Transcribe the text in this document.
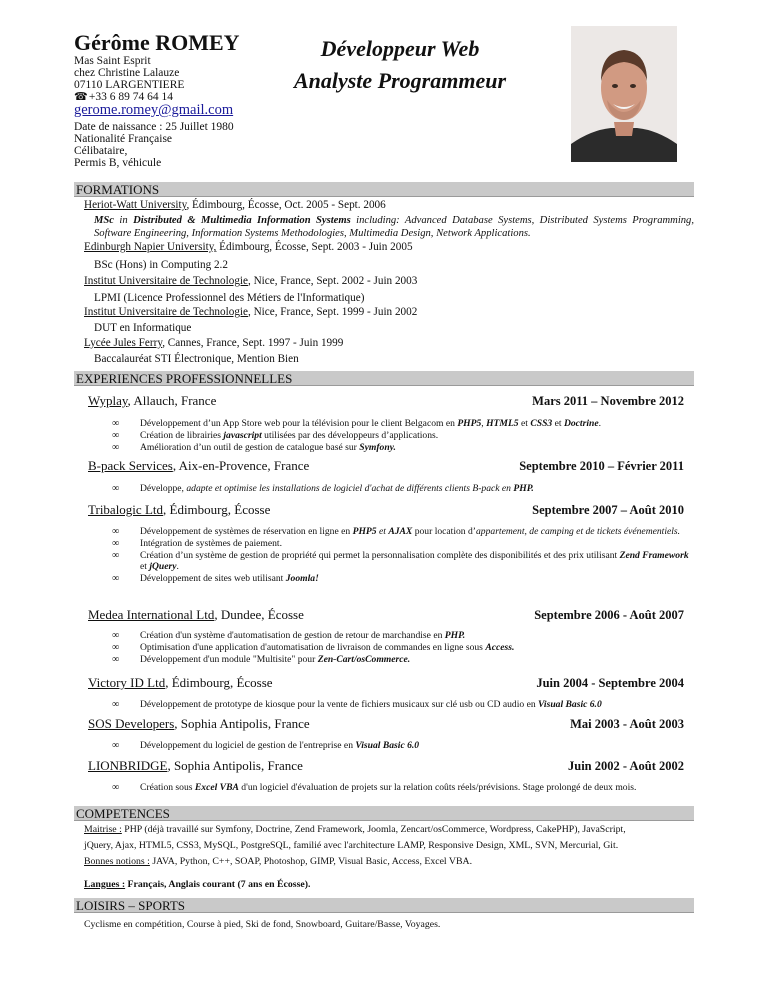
Gérôme ROMEY
Mas Saint Esprit
chez Christine Lalauze
07110 LARGENTIERE
☎ +33 6 89 74 64 14
gerome.romey@gmail.com
Date de naissance : 25 Juillet 1980
Nationalité Française
Célibataire,
Permis B, véhicule
Développeur Web
Analyste Programmeur
FORMATIONS
Heriot-Watt University, Édimbourg, Écosse, Oct. 2005 - Sept. 2006
MSc in Distributed & Multimedia Information Systems including: Advanced Database Systems, Distributed Systems Programming, Software Engineering, Information Systems Methodologies, Multimedia Design, Network Applications.
Edinburgh Napier University, Édimbourg, Écosse, Sept. 2003 - Juin 2005
BSc (Hons) in Computing 2.2
Institut Universitaire de Technologie, Nice, France, Sept. 2002 - Juin 2003
LPMI (Licence Professionnel des Métiers de l'Informatique)
Institut Universitaire de Technologie, Nice, France, Sept. 1999 - Juin 2002
DUT en Informatique
Lycée Jules Ferry, Cannes, France, Sept. 1997 - Juin 1999
Baccalauréat STI Électronique, Mention Bien
EXPERIENCES PROFESSIONNELLES
Mars 2011 – Novembre 2012
Wyplay, Allauch, France
∞ Développement d’un App Store web pour la télévision pour le client Belgacom en PHP5, HTML5 et CSS3 et Doctrine.
∞ Création de librairies javascript utilisées par des développeurs d’applications.
∞ Amélioration d’un outil de gestion de catalogue basé sur Symfony.
Septembre 2010 – Février 2011
B-pack Services, Aix-en-Provence, France
∞ Développe, adapte et optimise les installations de logiciel d'achat de différents clients B-pack en PHP.
Septembre 2007 – Août 2010
Tribalogic Ltd, Édimbourg, Écosse
∞ Développement de systèmes de réservation en ligne en PHP5 et AJAX pour location d’appartement, de camping et de tickets événementiels.
∞ Intégration de systèmes de paiement.
∞ Création d’un système de gestion de propriété qui permet la personnalisation complète des disponibilités et des prix utilisant Zend Framework et jQuery.
∞ Développement de sites web utilisant Joomla!
Septembre 2006 - Août 2007
Medea International Ltd, Dundee, Écosse
∞ Création d'un système d'automatisation de gestion de retour de marchandise en PHP.
∞ Optimisation d'une application d'automatisation de livraison de commandes en ligne sous Access.
∞ Développement d'un module "Multisite" pour Zen-Cart/osCommerce.
Juin 2004 - Septembre 2004
Victory ID Ltd, Édimbourg, Écosse
∞ Développement de prototype de kiosque pour la vente de fichiers musicaux sur clé usb ou CD audio en Visual Basic 6.0
Mai 2003 - Août 2003
SOS Developers, Sophia Antipolis, France
∞ Développement du logiciel de gestion de l'entreprise en Visual Basic 6.0
Juin 2002 - Août 2002
LIONBRIDGE, Sophia Antipolis, France
∞ Création sous Excel VBA d'un logiciel d'évaluation de projets sur la relation coûts réels/prévisions. Stage prolongé de deux mois.
COMPETENCES
Maitrise : PHP (déjà travaillé sur Symfony, Doctrine, Zend Framework, Joomla, Zencart/osCommerce, Wordpress, CakePHP), JavaScript,
jQuery, Ajax, HTML5, CSS3, MySQL, PostgreSQL, familié avec l'architecture LAMP, Responsive Design, XML, SVN, Mercurial, Git.
Bonnes notions : JAVA, Python, C++, SOAP, Photoshop, GIMP, Visual Basic, Access, Excel VBA.
Langues : Français, Anglais courant (7 ans en Écosse).
LOISIRS – SPORTS
Cyclisme en compétition, Course à pied, Ski de fond, Snowboard, Guitare/Basse, Voyages.
